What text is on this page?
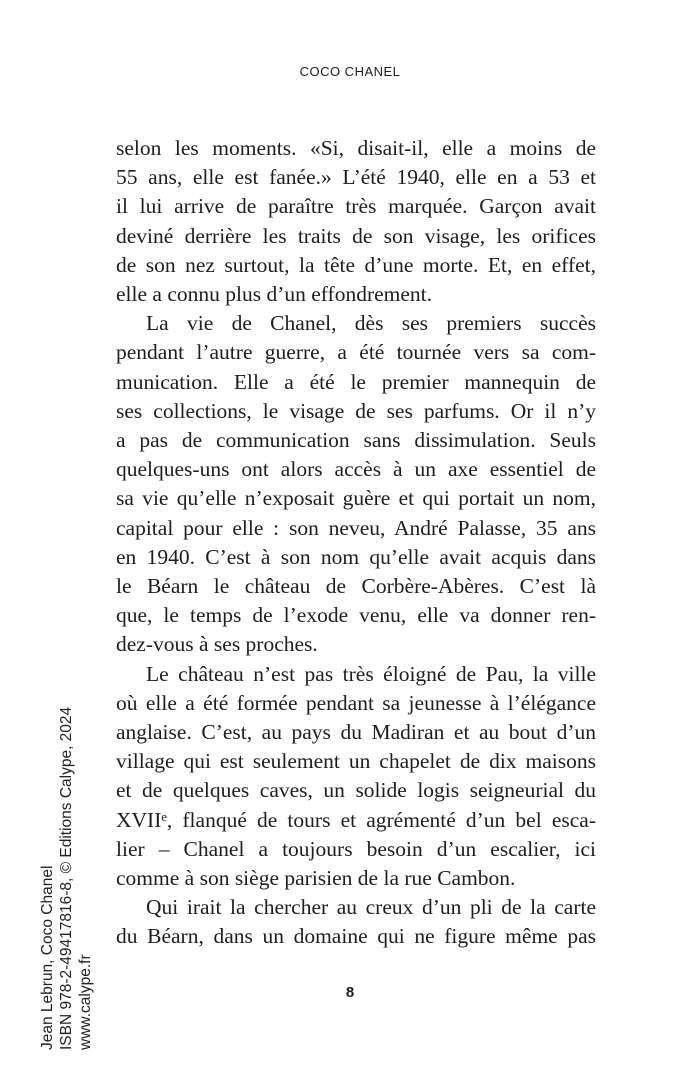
COCO CHANEL

selon les moments. «Si, disait-il, elle a moins de

55 ans, elle est fanée.» L’été 1940, elle en a 53 et

il lui arrive de paraître très marquée. Garçon avait

deviné derrière les traits de son visage, les orifices

de son nez surtout, la tête d’une morte. Et, en effet,

elle a connu plus d’un effondrement.

La vie de Chanel, dès ses premiers succès

pendant l’autre guerre, a été tournée vers sa com-

munication. Elle a été le premier mannequin de

ses collections, le visage de ses parfums. Or il n’y

a pas de communication sans dissimulation. Seuls

quelques-uns ont alors accès à un axe essentiel de

sa vie qu’elle n’exposait guère et qui portait un nom,

capital pour elle : son neveu, André Palasse, 35 ans

en 1940. C’est à son nom qu’elle avait acquis dans

le Béarn le château de Corbère-Abères. C’est là

que, le temps de l’exode venu, elle va donner ren-

dez-vous à ses proches.

Le château n’est pas très éloigné de Pau, la ville

où elle a été formée pendant sa jeunesse à l’élégance

anglaise. C’est, au pays du Madiran et au bout d’un

village qui est seulement un chapelet de dix maisons

et de quelques caves, un solide logis seigneurial du

XVIIᵉ, flanqué de tours et agrémenté d’un bel esca-

lier – Chanel a toujours besoin d’un escalier, ici

comme à son siège parisien de la rue Cambon.

Qui irait la chercher au creux d’un pli de la carte

du Béarn, dans un domaine qui ne figure même pas

8
Jean Lebrun, Coco Chanel ISBN 978-2-49417816-8, © Editions Calype, 2024 www.calype.fr
